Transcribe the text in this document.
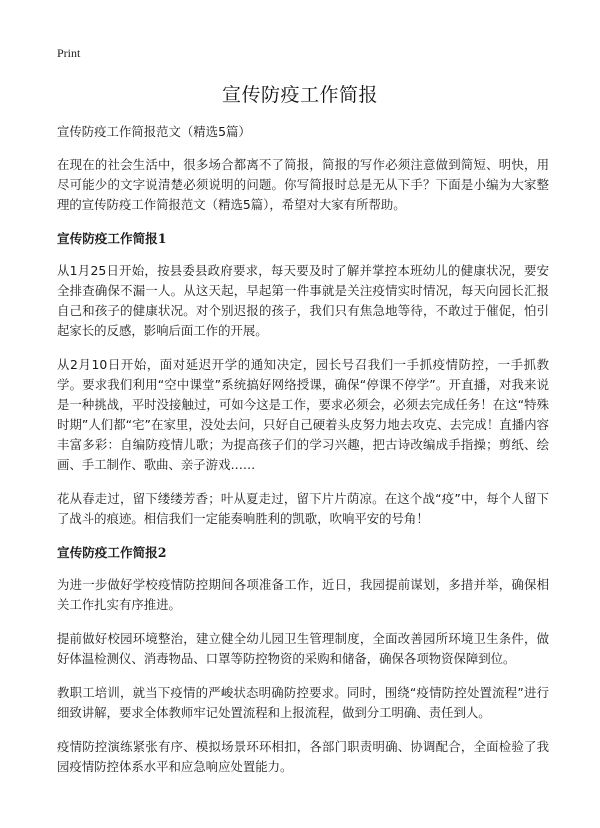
Print
宣传防疫工作简报

宣传防疫工作简报范文（精选5篇）

在现在的社会生活中，很多场合都离不了简报，简报的写作必须注意做到简短、明快，用尽可能少的文字说清楚必须说明的问题。你写简报时总是无从下手？下面是小编为大家整理的宣传防疫工作简报范文（精选5篇），希望对大家有所帮助。

宣传防疫工作简报1

从1月25日开始，按县委县政府要求，每天要及时了解并掌控本班幼儿的健康状况，要安全排查确保不漏一人。从这天起，早起第一件事就是关注疫情实时情况，每天向园长汇报自己和孩子的健康状况。对个别迟报的孩子，我们只有焦急地等待，不敢过于催促，怕引起家长的反感，影响后面工作的开展。

从2月10日开始，面对延迟开学的通知决定，园长号召我们一手抓疫情防控，一手抓教学。要求我们利用“空中课堂”系统搞好网络授课，确保“停课不停学”。开直播，对我来说是一种挑战，平时没接触过，可如今这是工作，要求必须会，必须去完成任务！在这“特殊时期”人们都“宅”在家里，没处去问，只好自己硬着头皮努力地去攻克、去完成！直播内容丰富多彩：自编防疫情儿歌；为提高孩子们的学习兴趣，把古诗改编成手指操；剪纸、绘画、手工制作、歌曲、亲子游戏……

花从春走过，留下缕缕芳香；叶从夏走过，留下片片荫凉。在这个战“疫”中，每个人留下了战斗的痕迹。相信我们一定能奏响胜利的凯歌，吹响平安的号角！

宣传防疫工作简报2

为进一步做好学校疫情防控期间各项准备工作，近日，我园提前谋划，多措并举，确保相关工作扎实有序推进。

提前做好校园环境整治，建立健全幼儿园卫生管理制度，全面改善园所环境卫生条件，做好体温检测仪、消毒物品、口罩等防控物资的采购和储备，确保各项物资保障到位。

教职工培训，就当下疫情的严峻状态明确防控要求。同时，围绕“疫情防控处置流程”进行细致讲解，要求全体教师牢记处置流程和上报流程，做到分工明确、责任到人。

疫情防控演练紧张有序、模拟场景环环相扣，各部门职责明确、协调配合，全面检验了我园疫情防控体系水平和应急响应处置能力。
